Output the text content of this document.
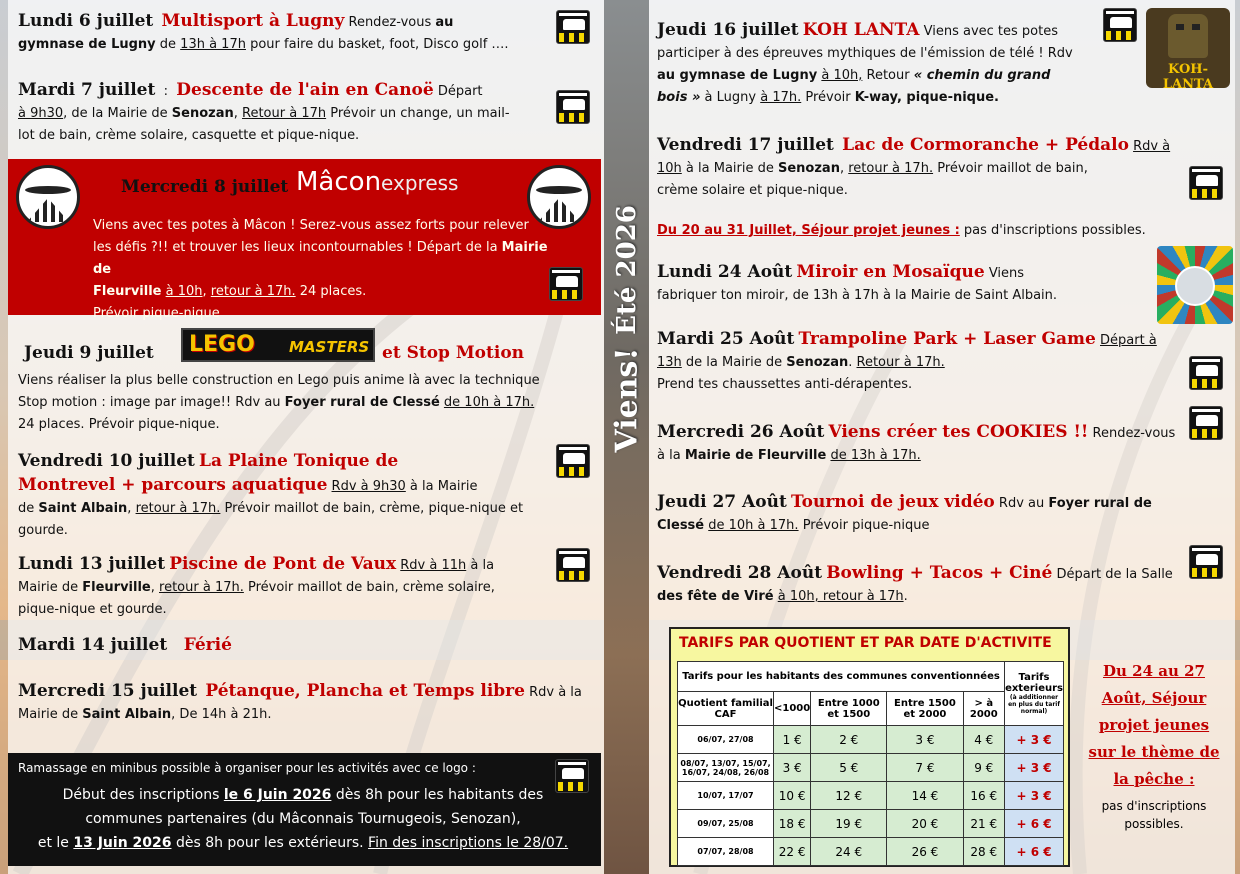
Viens!
Été 2026
Lundi 6 juillet Multisport à Lugny Rendez-vous au
gymnase de Lugny de 13h à 17h pour faire du basket, foot, Disco golf ….
Mardi 7 juillet  :  Descente de l'ain en Canoë Départ
à 9h30, de la Mairie de Senozan, Retour à 17h Prévoir un change, un mail-
lot de bain, crème solaire, casquette et pique-nique.
Mercredi 8 juillet
Viens avec tes potes à Mâcon ! Serez-vous assez forts pour relever
les défis ?!! et trouver les lieux incontournables ! Départ de la Mairie de
Fleurville à 10h, retour à 17h. 24 places.
Prévoir pique-nique
Mâconexpress
Jeudi 9 juillet LEGO MASTERS et Stop Motion
Viens réaliser la plus belle construction en Lego puis anime là avec la technique
Stop motion : image par image!! Rdv au Foyer rural de Clessé de 10h à 17h.
24 places. Prévoir pique-nique.
Vendredi 10 juillet La Plaine Tonique de
Montrevel + parcours aquatique Rdv à 9h30 à la Mairie
de Saint Albain, retour à 17h. Prévoir maillot de bain, crème, pique-nique et
gourde.
Lundi 13 juillet Piscine de Pont de Vaux Rdv à 11h à la
Mairie de Fleurville, retour à 17h. Prévoir maillot de bain, crème solaire,
pique-nique et gourde.
Mardi 14 juillet Férié
Mercredi 15 juillet Pétanque, Plancha et Temps libre Rdv à la Mairie de Saint Albain, De 14h à 21h.
Ramassage en minibus possible à organiser pour les activités avec ce logo :
Début des inscriptions le 6 Juin 2026 dès 8h pour les habitants des
communes partenaires (du Mâconnais Tournugeois, Senozan),
et le 13 Juin 2026 dès 8h pour les extérieurs. Fin des inscriptions le 28/07.
Jeudi 16 juillet KOH LANTA Viens avec tes potes
participer à des épreuves mythiques de l'émission de télé ! Rdv
au gymnase de Lugny à 10h, Retour « chemin du grand
bois » à Lugny à 17h. Prévoir K-way, pique-nique.
KOH-LANTA
Vendredi 17 juillet Lac de Cormoranche + Pédalo Rdv à 10h à la Mairie de Senozan, retour à 17h. Prévoir maillot de bain,
crème solaire et pique-nique.
Du 20 au 31 Juillet, Séjour projet jeunes : pas d'inscriptions possibles.
Lundi 24 Août Miroir en Mosaïque Viens
fabriquer ton miroir, de 13h à 17h à la Mairie de Saint Albain.
Mardi 25 Août Trampoline Park + Laser Game Départ à
13h de la Mairie de Senozan. Retour à 17h.
Prend tes chaussettes anti-dérapentes.
Mercredi 26 Août Viens créer tes COOKIES !! Rendez-vous à la Mairie de Fleurville de 13h à 17h.
Jeudi 27 Août Tournoi de jeux vidéo Rdv au Foyer rural de
Clessé de 10h à 17h. Prévoir pique-nique
Vendredi 28 Août Bowling + Tacos + Ciné Départ de la Salle des fête de Viré à 10h, retour à 17h.
TARIFS PAR QUOTIENT ET PAR DATE D'ACTIVITE
Tarifs pour les habitants des communes conventionnées					Tarifs exterieurs
(à additionner en plus du tarif normal)

Quotient familial CAF	<1000	Entre 1000 et 1500	Entre 1500 et 2000	> à 2000	
06/07, 27/08	1 €	2 €	3 €	4 €	+ 3 €
08/07, 13/07, 15/07, 16/07, 24/08, 26/08	3 €	5 €	7 €	9 €	+ 3 €
10/07, 17/07	10 €	12 €	14 €	16 €	+ 3 €
09/07, 25/08	18 €	19 €	20 €	21 €	+ 6 €
07/07, 28/08	22 €	24 €	26 €	28 €	+ 6 €
Du 24 au 27
Août, Séjour
projet jeunes
sur le thème de
la pêche :
pas d'inscriptions possibles.
